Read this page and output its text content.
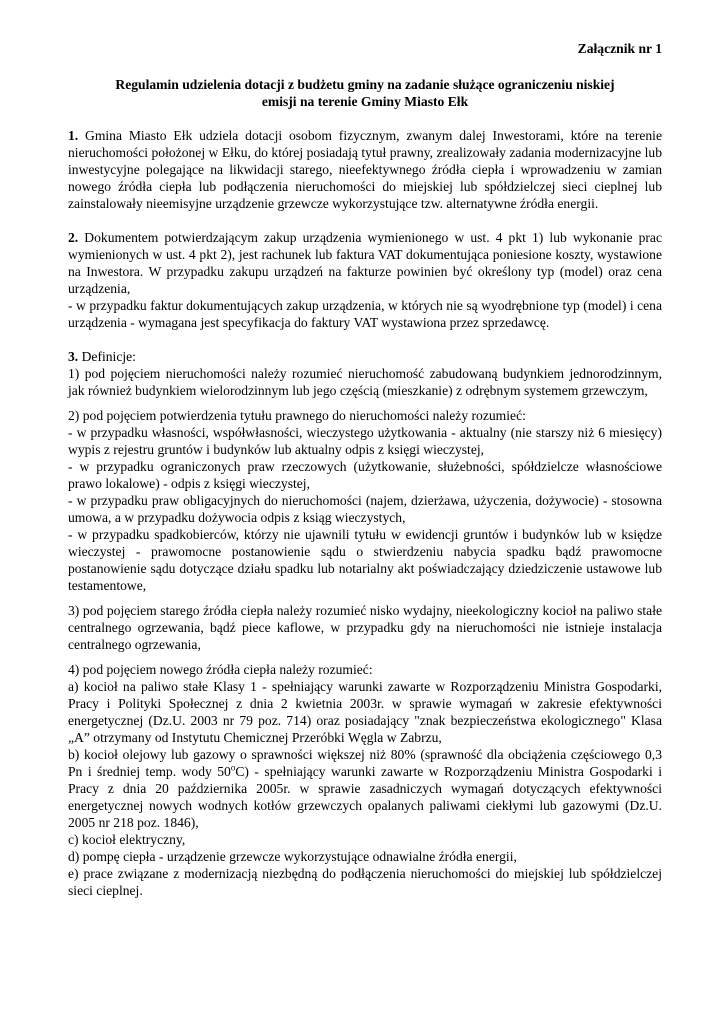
Załącznik nr 1

Regulamin udzielenia dotacji z budżetu gminy na zadanie służące ograniczeniu niskiej
emisji na terenie Gminy Miasto Ełk

1. Gmina Miasto Ełk udziela dotacji osobom fizycznym, zwanym dalej Inwestorami, które na terenie nieruchomości położonej w Ełku, do której posiadają tytuł prawny, zrealizowały zadania modernizacyjne lub inwestycyjne polegające na likwidacji starego, nieefektywnego źródła ciepła i wprowadzeniu w zamian nowego źródła ciepła lub podłączenia nieruchomości do miejskiej lub spółdzielczej sieci cieplnej lub zainstalowały nieemisyjne urządzenie grzewcze wykorzystujące tzw. alternatywne źródła energii.

2. Dokumentem potwierdzającym zakup urządzenia wymienionego w ust. 4 pkt 1) lub wykonanie prac wymienionych w ust. 4 pkt 2), jest rachunek lub faktura VAT dokumentująca poniesione koszty, wystawione na Inwestora. W przypadku zakupu urządzeń na fakturze powinien być określony typ (model) oraz cena urządzenia,

- w przypadku faktur dokumentujących zakup urządzenia, w których nie są wyodrębnione typ (model) i cena urządzenia - wymagana jest specyfikacja do faktury VAT wystawiona przez sprzedawcę.

3. Definicje:

1) pod pojęciem nieruchomości należy rozumieć nieruchomość zabudowaną budynkiem jednorodzinnym, jak również budynkiem wielorodzinnym lub jego częścią (mieszkanie) z odrębnym systemem grzewczym,

2) pod pojęciem potwierdzenia tytułu prawnego do nieruchomości należy rozumieć:

- w przypadku własności, współwłasności, wieczystego użytkowania - aktualny (nie starszy niż 6 miesięcy) wypis z rejestru gruntów i budynków lub aktualny odpis z księgi wieczystej,

- w przypadku ograniczonych praw rzeczowych (użytkowanie, służebności, spółdzielcze własnościowe prawo lokalowe) - odpis z księgi wieczystej,

- w przypadku praw obligacyjnych do nieruchomości (najem, dzierżawa, użyczenia, dożywocie) - stosowna umowa, a w przypadku dożywocia odpis z ksiąg wieczystych,

- w przypadku spadkobierców, którzy nie ujawnili tytułu w ewidencji gruntów i budynków lub w księdze wieczystej - prawomocne postanowienie sądu o stwierdzeniu nabycia spadku bądź prawomocne postanowienie sądu dotyczące działu spadku lub notarialny akt poświadczający dziedziczenie ustawowe lub testamentowe,

3) pod pojęciem starego źródła ciepła należy rozumieć nisko wydajny, nieekologiczny kocioł na paliwo stałe centralnego ogrzewania, bądź piece kaflowe, w przypadku gdy na nieruchomości nie istnieje instalacja centralnego ogrzewania,

4) pod pojęciem nowego źródła ciepła należy rozumieć:

a) kocioł na paliwo stałe Klasy 1 - spełniający warunki zawarte w Rozporządzeniu Ministra Gospodarki, Pracy i Polityki Społecznej z dnia 2 kwietnia 2003r. w sprawie wymagań w zakresie efektywności energetycznej (Dz.U. 2003 nr 79 poz. 714) oraz posiadający "znak bezpieczeństwa ekologicznego" Klasa „A” otrzymany od Instytutu Chemicznej Przeróbki Węgla w Zabrzu,

b) kocioł olejowy lub gazowy o sprawności większej niż 80% (sprawność dla obciążenia częściowego 0,3 Pn i średniej temp. wody 50$^o$C) - spełniający warunki zawarte w Rozporządzeniu Ministra Gospodarki i Pracy z dnia 20 października 2005r. w sprawie zasadniczych wymagań dotyczących efektywności energetycznej nowych wodnych kotłów grzewczych opalanych paliwami ciekłymi lub gazowymi (Dz.U. 2005 nr 218 poz. 1846),

c) kocioł elektryczny,

d) pompę ciepła - urządzenie grzewcze wykorzystujące odnawialne źródła energii,

e) prace związane z modernizacją niezbędną do podłączenia nieruchomości do miejskiej lub spółdzielczej sieci cieplnej.
